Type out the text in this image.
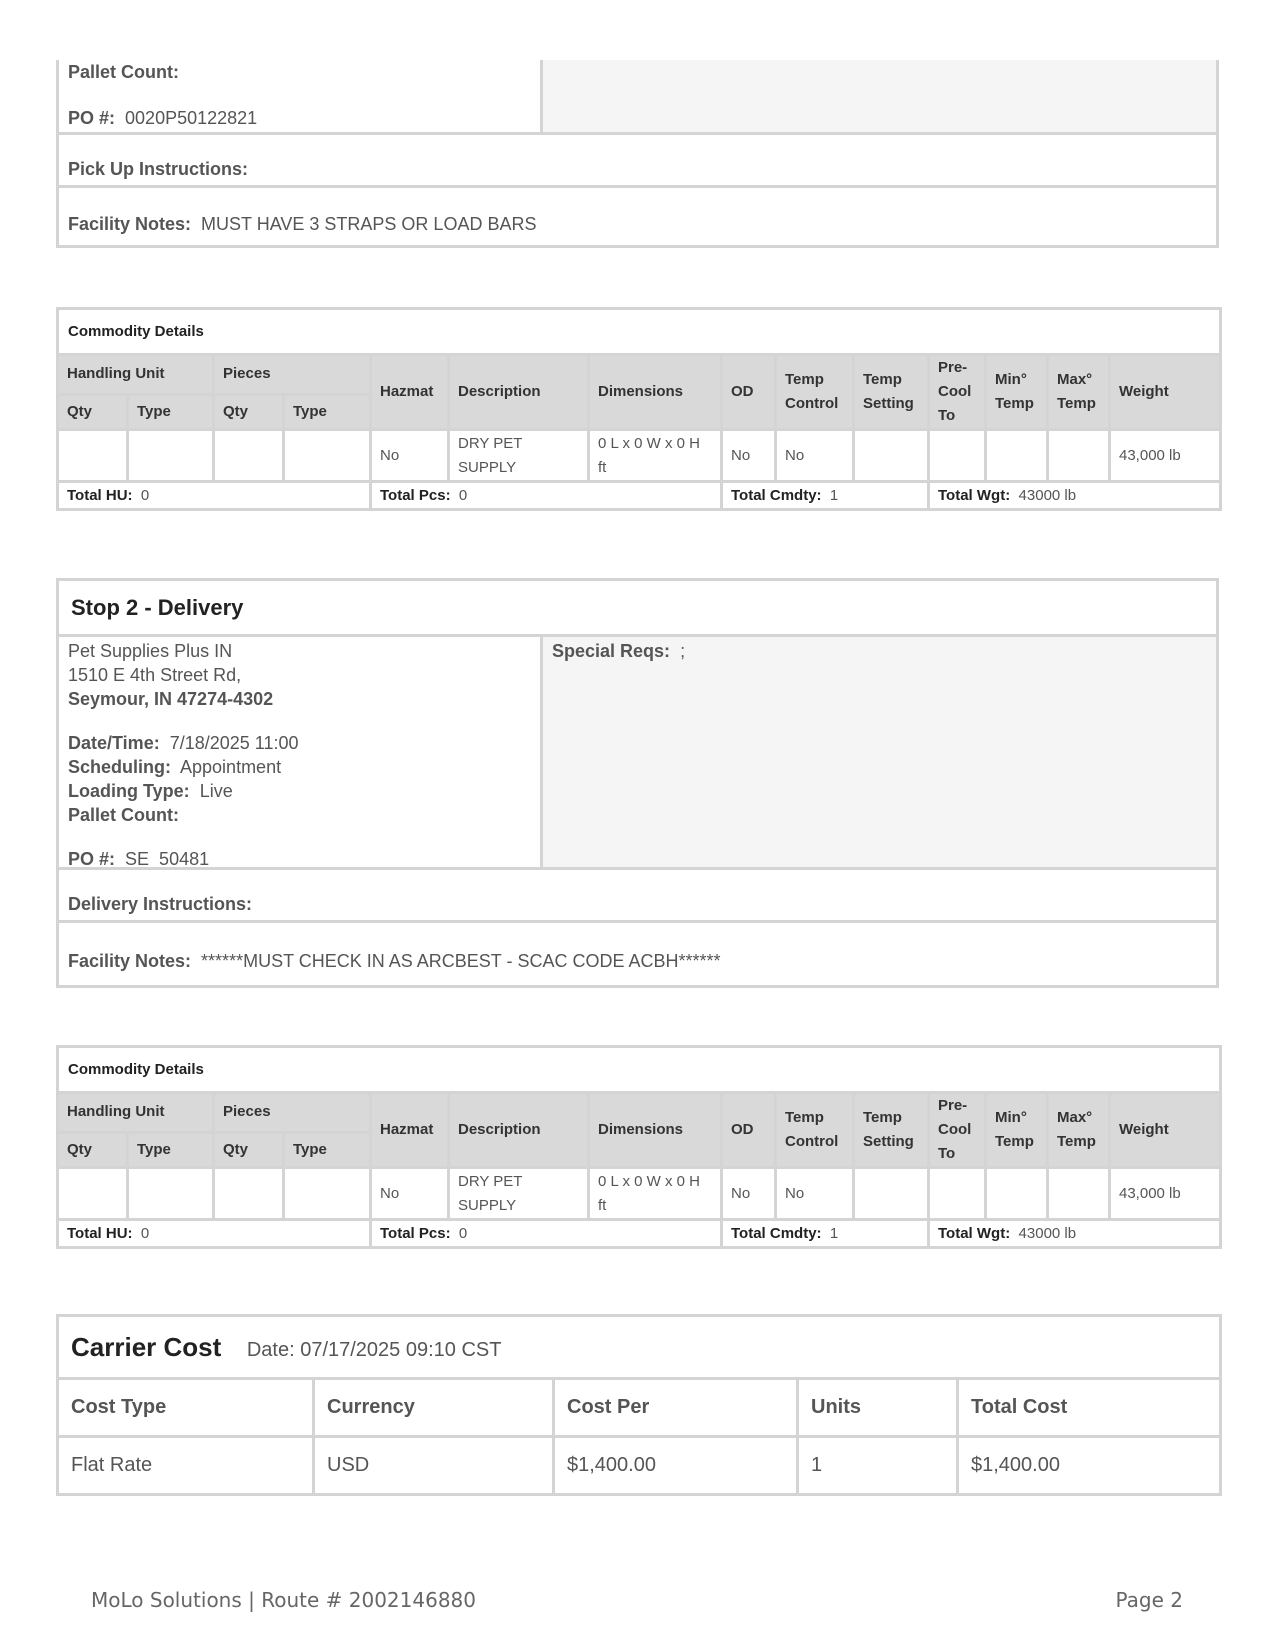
Pallet Count:
PO #: 0020P50122821
Pick Up Instructions:
Facility Notes: MUST HAVE 3 STRAPS OR LOAD BARS
Commodity Details													
Handling Unit		Pieces		Hazmat	Description	Dimensions	OD	Temp Control	Temp Setting	Pre-Cool To	Min° Temp	Max° Temp	Weight
Qty	Type	Qty	Type										
				No	DRY PET SUPPLY	0 L x 0 W x 0 H ft	No	No					43,000 lb
Total HU: 0				Total Pcs: 0			Total Cmdty: 1			Total Wgt: 43000 lb			
Stop 2 - Delivery
Special Reqs: ;
Pet Supplies Plus IN
1510 E 4th Street Rd,
Seymour, IN 47274-4302
Date/Time: 7/18/2025 11:00
Scheduling: Appointment
Loading Type: Live
Pallet Count:
PO #: SE_50481
Delivery Instructions:
Facility Notes: ******MUST CHECK IN AS ARCBEST - SCAC CODE ACBH******
Commodity Details													
Handling Unit		Pieces		Hazmat	Description	Dimensions	OD	Temp Control	Temp Setting	Pre-Cool To	Min° Temp	Max° Temp	Weight
Qty	Type	Qty	Type										
				No	DRY PET SUPPLY	0 L x 0 W x 0 H ft	No	No					43,000 lb
Total HU: 0				Total Pcs: 0			Total Cmdty: 1			Total Wgt: 43000 lb			
Carrier Cost Date: 07/17/2025 09:10 CST				
Cost Type	Currency	Cost Per	Units	Total Cost
Flat Rate	USD	$1,400.00	1	$1,400.00
MoLo Solutions | Route # 2002146880	Page 2
